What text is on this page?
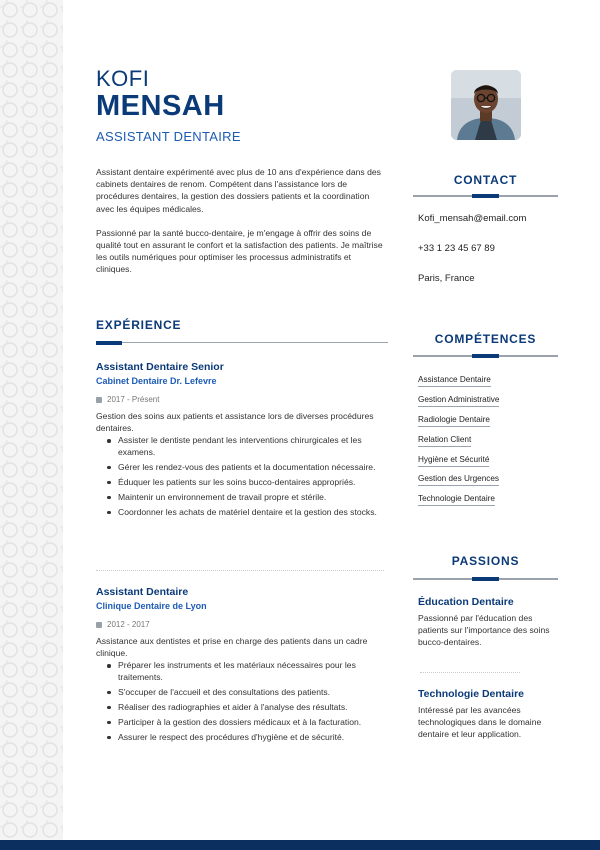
KOFI
MENSAH
ASSISTANT DENTAIRE

Assistant dentaire expérimenté avec plus de 10 ans d'expérience dans des cabinets dentaires de renom. Compétent dans l'assistance lors de procédures dentaires, la gestion des dossiers patients et la coordination avec les équipes médicales.

Passionné par la santé bucco-dentaire, je m'engage à offrir des soins de qualité tout en assurant le confort et la satisfaction des patients. Je maîtrise les outils numériques pour optimiser les processus administratifs et cliniques.

EXPÉRIENCE
Assistant Dentaire Senior
Cabinet Dentaire Dr. Lefevre
2017 - Présent
Gestion des soins aux patients et assistance lors de diverses procédures dentaires.
Assister le dentiste pendant les interventions chirurgicales et les examens.
Gérer les rendez-vous des patients et la documentation nécessaire.
Éduquer les patients sur les soins bucco-dentaires appropriés.
Maintenir un environnement de travail propre et stérile.
Coordonner les achats de matériel dentaire et la gestion des stocks.
Assistant Dentaire
Clinique Dentaire de Lyon
2012 - 2017
Assistance aux dentistes et prise en charge des patients dans un cadre clinique.
Préparer les instruments et les matériaux nécessaires pour les traitements.
S'occuper de l'accueil et des consultations des patients.
Réaliser des radiographies et aider à l'analyse des résultats.
Participer à la gestion des dossiers médicaux et à la facturation.
Assurer le respect des procédures d'hygiène et de sécurité.
CONTACT
Kofi_mensah@email.com
+33 1 23 45 67 89
Paris, France
COMPÉTENCES
Assistance Dentaire
Gestion Administrative
Radiologie Dentaire
Relation Client
Hygiène et Sécurité
Gestion des Urgences
Technologie Dentaire
PASSIONS
Éducation Dentaire
Passionné par l'éducation des patients sur l'importance des soins bucco-dentaires.
Technologie Dentaire
Intéressé par les avancées technologiques dans le domaine dentaire et leur application.
